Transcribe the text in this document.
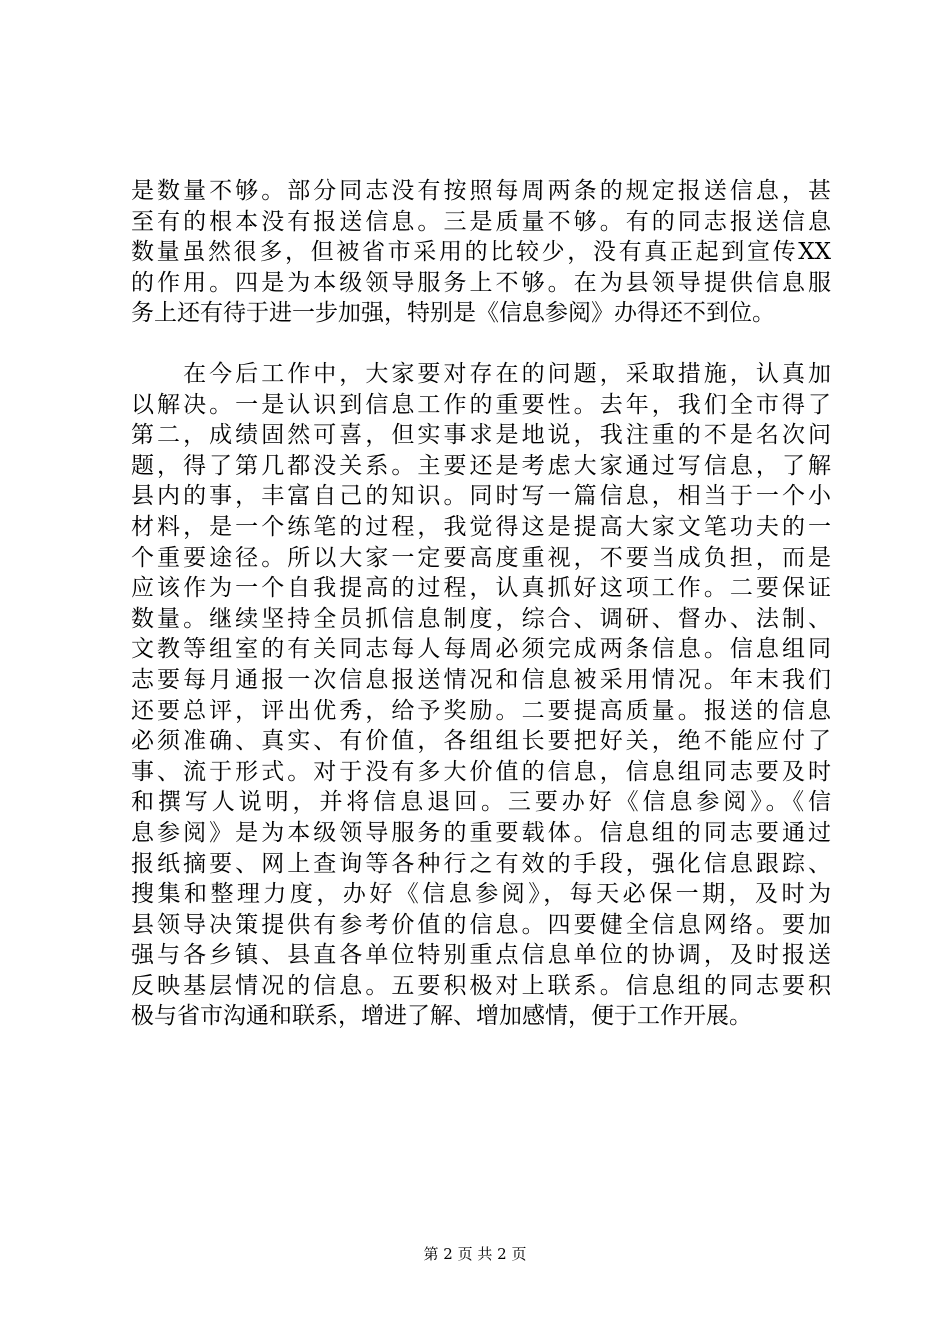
是数量不够。部分同志没有按照每周两条的规定报送信息，甚
至有的根本没有报送信息。三是质量不够。有的同志报送信息
数量虽然很多，但被省市采用的比较少，没有真正起到宣传XX
的作用。四是为本级领导服务上不够。在为县领导提供信息服
务上还有待于进一步加强，特别是《信息参阅》办得还不到位。
　　在今后工作中，大家要对存在的问题，采取措施，认真加
以解决。一是认识到信息工作的重要性。去年，我们全市得了
第二，成绩固然可喜，但实事求是地说，我注重的不是名次问
题，得了第几都没关系。主要还是考虑大家通过写信息，了解
县内的事，丰富自己的知识。同时写一篇信息，相当于一个小
材料，是一个练笔的过程，我觉得这是提高大家文笔功夫的一
个重要途径。所以大家一定要高度重视，不要当成负担，而是
应该作为一个自我提高的过程，认真抓好这项工作。二要保证
数量。继续坚持全员抓信息制度，综合、调研、督办、法制、
文教等组室的有关同志每人每周必须完成两条信息。信息组同
志要每月通报一次信息报送情况和信息被采用情况。年末我们
还要总评，评出优秀，给予奖励。二要提高质量。报送的信息
必须准确、真实、有价值，各组组长要把好关，绝不能应付了
事、流于形式。对于没有多大价值的信息，信息组同志要及时
和撰写人说明，并将信息退回。三要办好《信息参阅》。《信
息参阅》是为本级领导服务的重要载体。信息组的同志要通过
报纸摘要、网上查询等各种行之有效的手段，强化信息跟踪、
搜集和整理力度，办好《信息参阅》，每天必保一期，及时为
县领导决策提供有参考价值的信息。四要健全信息网络。要加
强与各乡镇、县直各单位特别重点信息单位的协调，及时报送
反映基层情况的信息。五要积极对上联系。信息组的同志要积
极与省市沟通和联系，增进了解、增加感情，便于工作开展。
第 2 页 共 2 页
